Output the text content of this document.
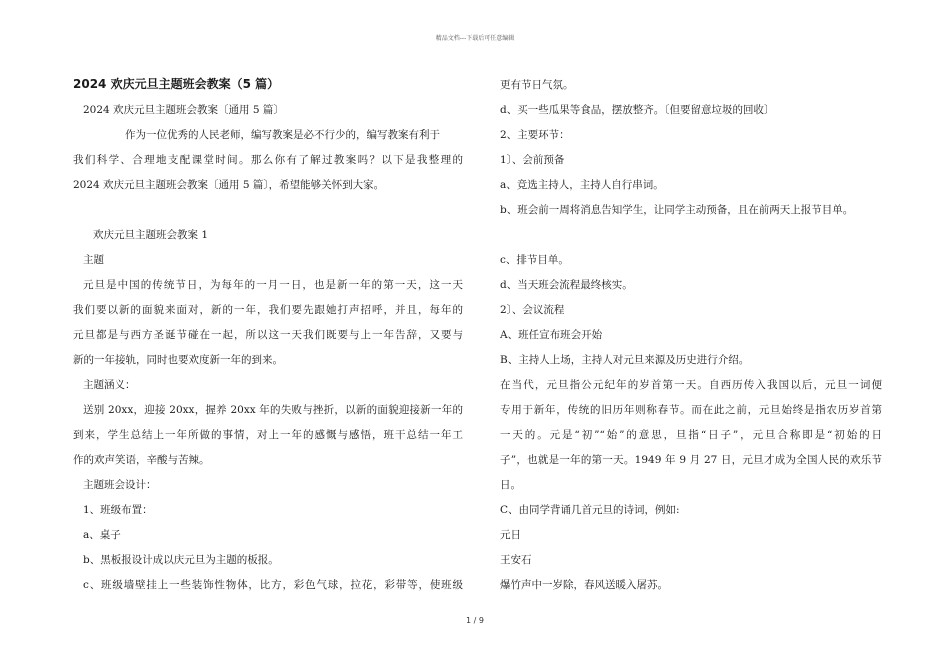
精品文档---下载后可任意编辑
2024 欢庆元旦主题班会教案（5 篇）
2024 欢庆元旦主题班会教案〔通用 5 篇〕
作为一位优秀的人民老师，编写教案是必不行少的，编写教案有利于
我们科学、合理地支配课堂时间。那么你有了解过教案吗？以下是我整理的
2024 欢庆元旦主题班会教案〔通用 5 篇〕，希望能够关怀到大家。
欢庆元旦主题班会教案 1
主题
元旦是中国的传统节日，为每年的一月一日，也是新一年的第一天，这一天
我们要以新的面貌来面对，新的一年，我们要先跟她打声招呼，并且，每年的
元旦都是与西方圣诞节碰在一起，所以这一天我们既要与上一年告辞，又要与
新的一年接轨，同时也要欢度新一年的到来。
主题涵义：
送别 20xx，迎接 20xx，握养 20xx 年的失败与挫折，以新的面貌迎接新一年的
到来，学生总结上一年所做的事情，对上一年的感慨与感悟，班干总结一年工
作的欢声笑语，辛酸与苦辣。
主题班会设计：
1、班级布置：
a、桌子
b、黑板报设计成以庆元旦为主题的板报。
c、班级墙壁挂上一些装饰性物体，比方，彩色气球，拉花，彩带等，使班级
更有节日气氛。
d、买一些瓜果等食品，摆放整齐。〔但要留意垃圾的回收〕
2、主要环节：
1〕、会前预备
a、竞选主持人，主持人自行串词。
b、班会前一周将消息告知学生，让同学主动预备，且在前两天上报节目单。
c、排节目单。
d、当天班会流程最终核实。
2〕、会议流程
A、班任宣布班会开始
B、主持人上场，主持人对元旦来源及历史进行介绍。
在当代，元旦指公元纪年的岁首第一天。自西历传入我国以后，元旦一词便
专用于新年，传统的旧历年则称春节。而在此之前，元旦始终是指农历岁首第
一天的。元是“初”“始”的意思，旦指“日子”，元旦合称即是“初始的日
子”，也就是一年的第一天。1949 年 9 月 27 日，元旦才成为全国人民的欢乐节
日。
C、由同学背诵几首元旦的诗词，例如:
元日
王安石
爆竹声中一岁除，春风送暖入屠苏。
1 / 9
